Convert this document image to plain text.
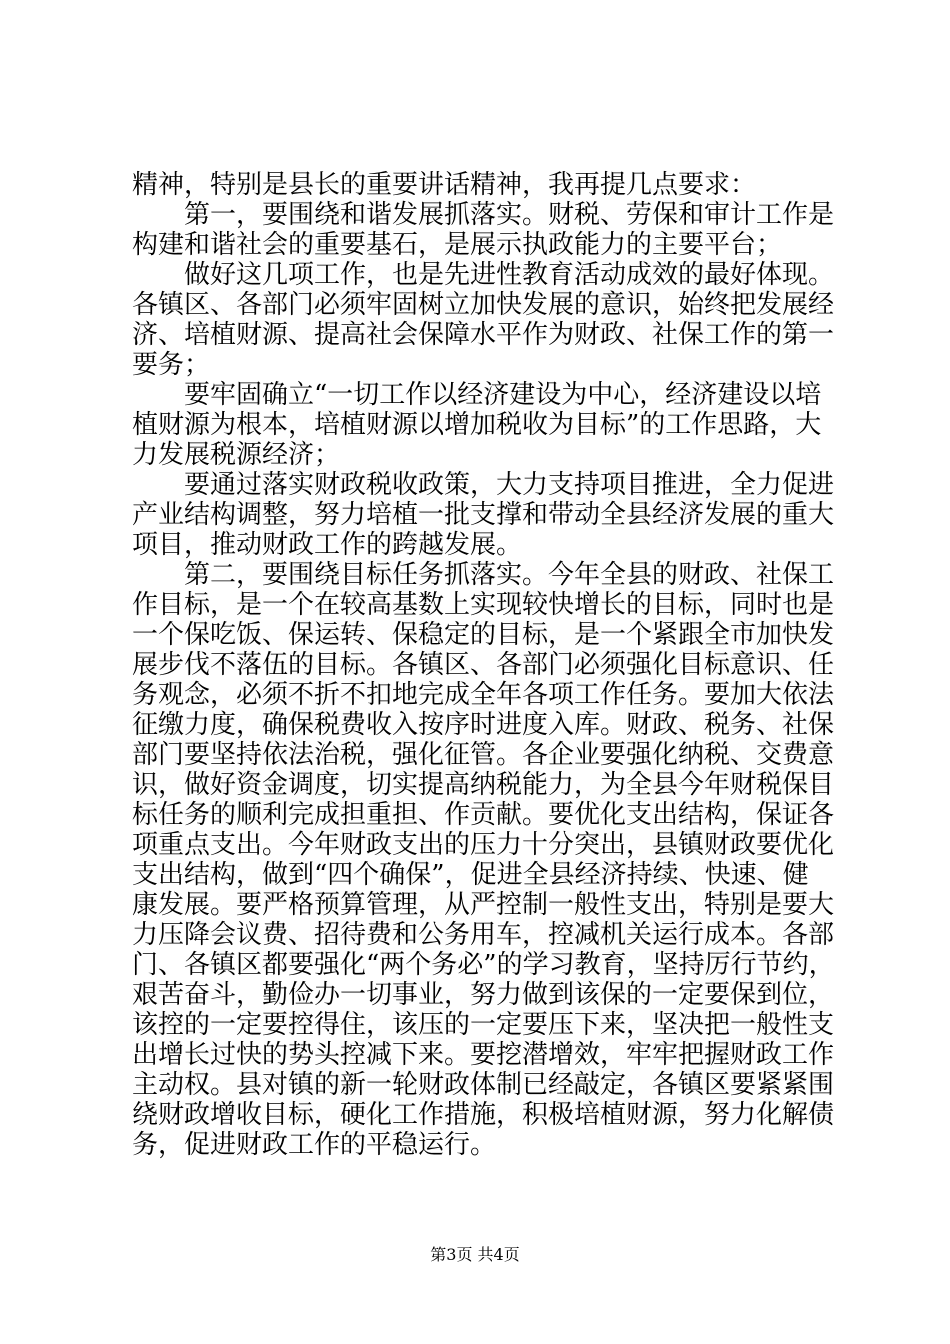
精神，特别是县长的重要讲话精神，我再提几点要求：
　　第一，要围绕和谐发展抓落实。财税、劳保和审计工作是
构建和谐社会的重要基石，是展示执政能力的主要平台；
　　做好这几项工作，也是先进性教育活动成效的最好体现。
各镇区、各部门必须牢固树立加快发展的意识，始终把发展经
济、培植财源、提高社会保障水平作为财政、社保工作的第一
要务；
　　要牢固确立“一切工作以经济建设为中心，经济建设以培
植财源为根本，培植财源以增加税收为目标”的工作思路，大
力发展税源经济；
　　要通过落实财政税收政策，大力支持项目推进，全力促进
产业结构调整，努力培植一批支撑和带动全县经济发展的重大
项目，推动财政工作的跨越发展。
　　第二，要围绕目标任务抓落实。今年全县的财政、社保工
作目标，是一个在较高基数上实现较快增长的目标，同时也是
一个保吃饭、保运转、保稳定的目标，是一个紧跟全市加快发
展步伐不落伍的目标。各镇区、各部门必须强化目标意识、任
务观念，必须不折不扣地完成全年各项工作任务。要加大依法
征缴力度，确保税费收入按序时进度入库。财政、税务、社保
部门要坚持依法治税，强化征管。各企业要强化纳税、交费意
识，做好资金调度，切实提高纳税能力，为全县今年财税保目
标任务的顺利完成担重担、作贡献。要优化支出结构，保证各
项重点支出。今年财政支出的压力十分突出，县镇财政要优化
支出结构，做到“四个确保”，促进全县经济持续、快速、健
康发展。要严格预算管理，从严控制一般性支出，特别是要大
力压降会议费、招待费和公务用车，控减机关运行成本。各部
门、各镇区都要强化“两个务必”的学习教育，坚持厉行节约，
艰苦奋斗，勤俭办一切事业，努力做到该保的一定要保到位，
该控的一定要控得住，该压的一定要压下来，坚决把一般性支
出增长过快的势头控减下来。要挖潜增效，牢牢把握财政工作
主动权。县对镇的新一轮财政体制已经敲定，各镇区要紧紧围
绕财政增收目标，硬化工作措施，积极培植财源，努力化解债
务，促进财政工作的平稳运行。
第3页 共4页
